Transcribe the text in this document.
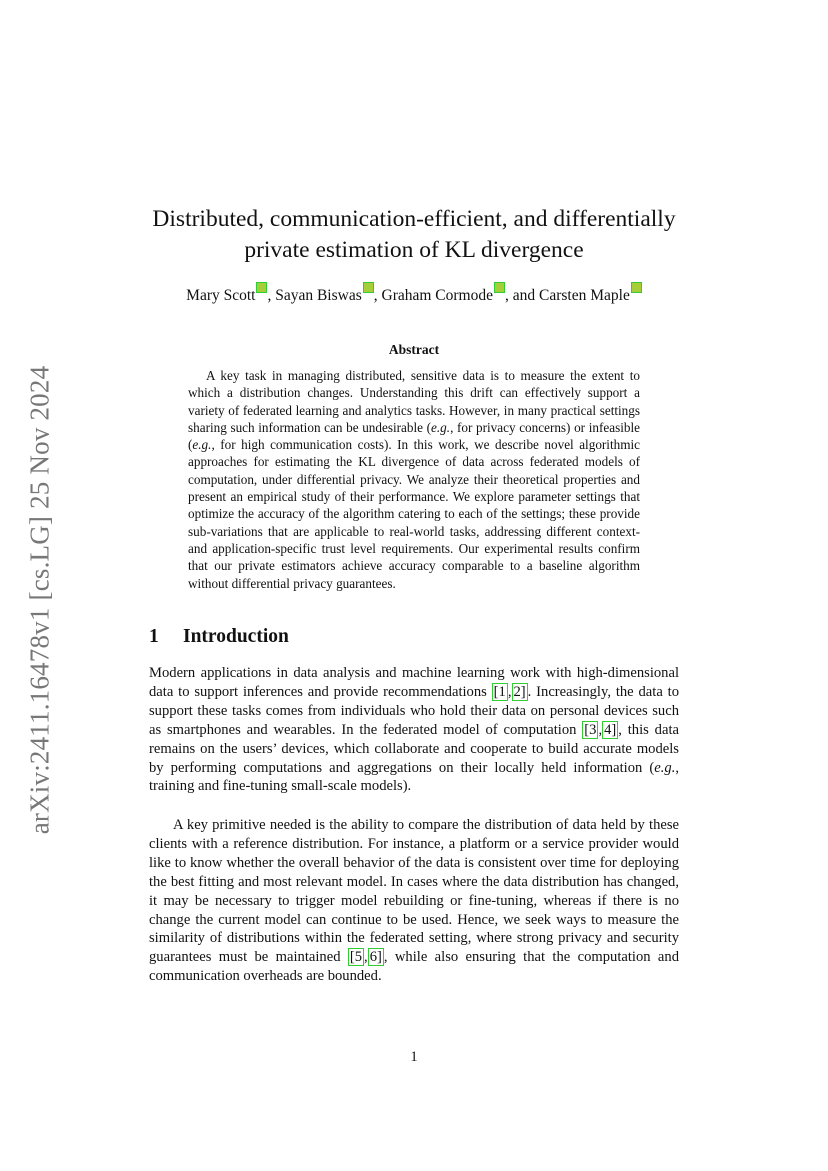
arXiv:2411.16478v1 [cs.LG] 25 Nov 2024
Distributed, communication-efficient, and differentially
private estimation of KL divergence
Mary Scott , Sayan Biswas , Graham Cormode , and Carsten Maple
Abstract

A key task in managing distributed, sensitive data is to measure the extent to which a distribution changes. Understanding this drift can effectively support a variety of federated learning and analytics tasks. However, in many practical settings sharing such information can be undesirable (e.g., for privacy concerns) or infeasible (e.g., for high communication costs). In this work, we describe novel algorithmic approaches for estimating the KL divergence of data across federated models of computation, under differential privacy. We analyze their theoretical properties and present an empirical study of their performance. We explore parameter settings that optimize the accuracy of the algorithm catering to each of the settings; these provide sub-variations that are applicable to real-world tasks, addressing different context- and application-specific trust level requirements. Our experimental results confirm that our private estimators achieve accuracy comparable to a baseline algorithm without differential privacy guarantees.

1 Introduction

Modern applications in data analysis and machine learning work with high-dimensional data to support inferences and provide recommendations [1 , 2] . Increasingly, the data to support these tasks comes from individuals who hold their data on personal devices such as smartphones and wearables. In the federated model of computation [3 , 4] , this data remains on the users’ devices, which collaborate and cooperate to build accurate models by performing computations and aggregations on their locally held information (e.g., training and fine-tuning small-scale models).

A key primitive needed is the ability to compare the distribution of data held by these clients with a reference distribution. For instance, a platform or a service provider would like to know whether the overall behavior of the data is consistent over time for deploying the best fitting and most relevant model. In cases where the data distribution has changed, it may be necessary to trigger model rebuilding or fine-tuning, whereas if there is no change the current model can continue to be used. Hence, we seek ways to measure the similarity of distributions within the federated setting, where strong privacy and security guarantees must be maintained [5 , 6] , while also ensuring that the computation and communication overheads are bounded.

1
